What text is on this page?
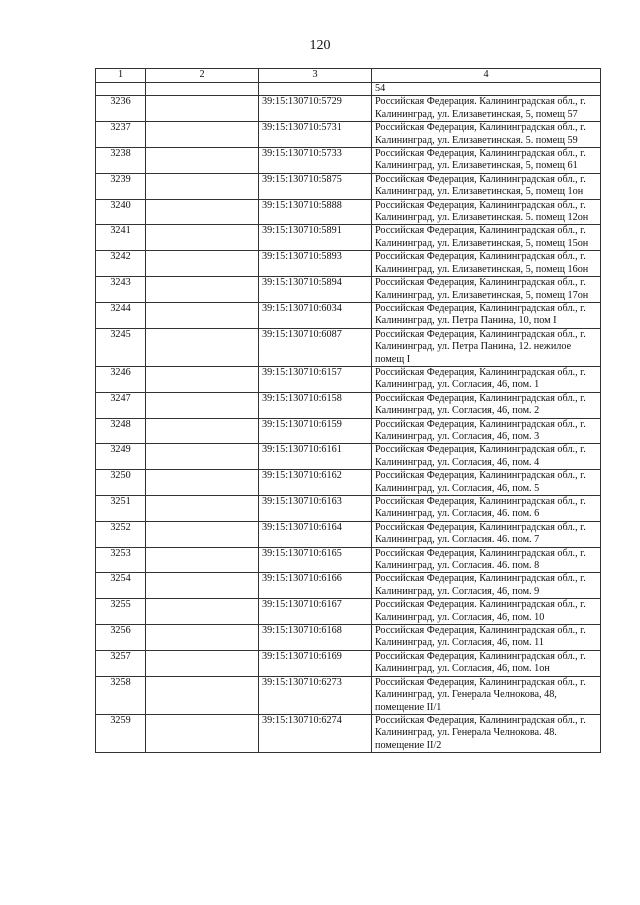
120
1	2	3	4
			54
3236		39:15:130710:5729	Российская Федерация. Калининградская обл., г. Калининград, ул. Елизаветинская, 5, помещ 57
3237		39:15:130710:5731	Российская Федерация, Калининградская обл., г. Калининград, ул. Елизаветинская. 5. помещ 59
3238		39:15:130710:5733	Российская Федерация, Калининградская обл., г. Калининград, ул. Елизаветинская, 5, помещ 61
3239		39:15:130710:5875	Российская Федерация, Калининградская обл., г. Калининград, ул. Елизаветинская, 5, помещ 1он
3240		39:15:130710:5888	Российская Федерация, Калининградская обл., г. Калининград, ул. Елизаветинская. 5. помещ 12он
3241		39:15:130710:5891	Российская Федерация, Калининградская обл., г. Калининград, ул. Елизаветинская, 5, помещ 15он
3242		39:15:130710:5893	Российская Федерация, Калининградская обл., г. Калининград, ул. Елизаветинская, 5, помещ 16он
3243		39:15:130710:5894	Российская Федерация, Калининградская обл., г. Калининград, ул. Елизаветинская, 5, помещ 17он
3244		39:15:130710:6034	Российская Федерация, Калининградская обл., г. Калининград, ул. Петра Панина, 10, пом I
3245		39:15:130710:6087	Российская Федерация, Калининградская обл., г. Калининград, ул. Петра Панина, 12. нежилое помещ I
3246		39:15:130710:6157	Российская Федерация, Калининградская обл., г. Калининград, ул. Согласия, 46, пом. 1
3247		39:15:130710:6158	Российская Федерация, Калининградская обл., г. Калининград, ул. Согласия, 46, пом. 2
3248		39:15:130710:6159	Российская Федерация, Калининградская обл., г. Калининград, ул. Согласия, 46, пом. 3
3249		39:15:130710:6161	Российская Федерация, Калининградская обл., г. Калининград, ул. Согласия, 46, пом. 4
3250		39:15:130710:6162	Российская Федерация, Калининградская обл., г. Калининград, ул. Согласия, 46, пом. 5
3251		39:15:130710:6163	Российская Федерация, Калининградская обл., г. Калининград, ул. Согласия, 46. пом. 6
3252		39:15:130710:6164	Российская Федерация, Калининградская обл., г. Калининград, ул. Согласия. 46. пом. 7
3253		39:15:130710:6165	Российская Федерация, Калининградская обл., г. Калининград, ул. Согласия. 46. пом. 8
3254		39:15:130710:6166	Российская Федерация, Калининградская обл., г. Калининград, ул. Согласия, 46, пом. 9
3255		39:15:130710:6167	Российская Федерация. Калининградская обл., г. Калининград, ул. Согласия, 46, пом. 10
3256		39:15:130710:6168	Российская Федерация, Калининградская обл., г. Калининград, ул. Согласия, 46, пом. 11
3257		39:15:130710:6169	Российская Федерация, Калининградская обл., г. Калининград, ул. Согласия, 46, пом. 1он
3258		39:15:130710:6273	Российская Федерация, Калининградская обл., г. Калининград, ул. Генерала Челнокова, 48, помещение II/1
3259		39:15:130710:6274	Российская Федерация, Калининградская обл., г. Калининград, ул. Генерала Челнокова. 48. помещение II/2
